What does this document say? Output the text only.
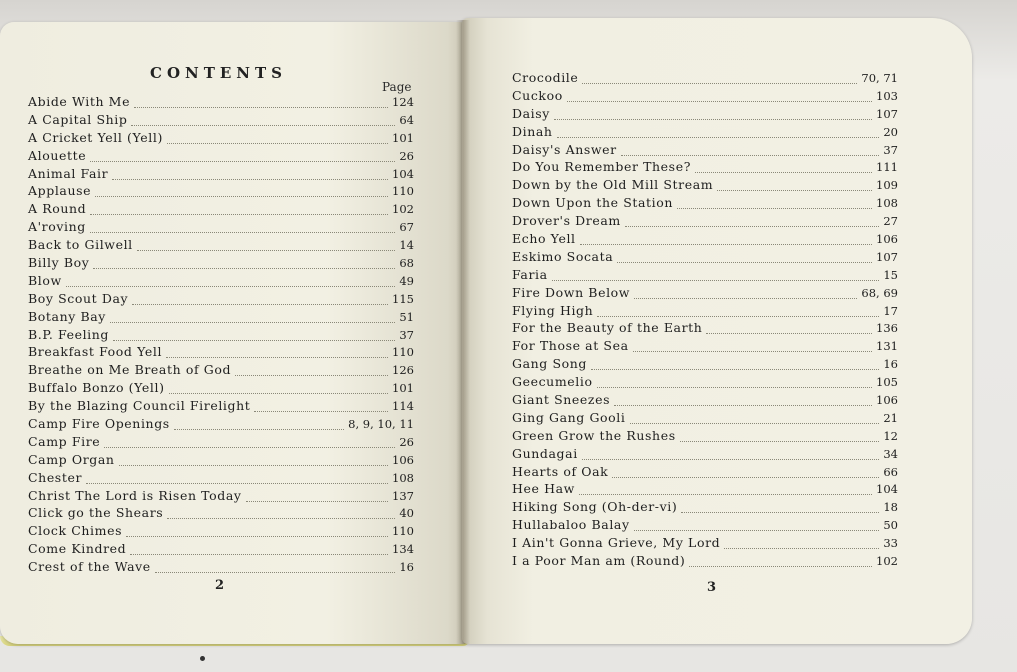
CONTENTS
Page
Abide With Me	124
A Capital Ship	64
A Cricket Yell (Yell)	101
Alouette	26
Animal Fair	104
Applause	110
A Round	102
A'roving	67
Back to Gilwell	14
Billy Boy	68
Blow	49
Boy Scout Day	115
Botany Bay	51
B.P. Feeling	37
Breakfast Food Yell	110
Breathe on Me Breath of God	126
Buffalo Bonzo (Yell)	101
By the Blazing Council Firelight	114
Camp Fire Openings	8, 9, 10, 11
Camp Fire	26
Camp Organ	106
Chester	108
Christ The Lord is Risen Today	137
Click go the Shears	40
Clock Chimes	110
Come Kindred	134
Crest of the Wave	16
Crocodile	70, 71
Cuckoo	103
Daisy	107
Dinah	20
Daisy's Answer	37
Do You Remember These?	111
Down by the Old Mill Stream	109
Down Upon the Station	108
Drover's Dream	27
Echo Yell	106
Eskimo Socata	107
Faria	15
Fire Down Below	68, 69
Flying High	17
For the Beauty of the Earth	136
For Those at Sea	131
Gang Song	16
Geecumelio	105
Giant Sneezes	106
Ging Gang Gooli	21
Green Grow the Rushes	12
Gundagai	34
Hearts of Oak	66
Hee Haw	104
Hiking Song (Oh-der-vi)	18
Hullabaloo Balay	50
I Ain't Gonna Grieve, My Lord	33
I a Poor Man am (Round)	102
2	3
